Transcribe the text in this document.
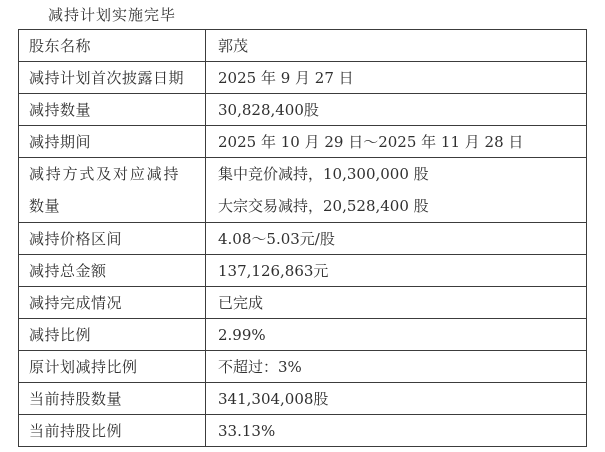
减持计划实施完毕
股东名称	郭茂
减持计划首次披露日期	2025 年 9 月 27 日
减持数量	30,828,400股
减持期间	2025 年 10 月 29 日～2025 年 11 月 28 日
减持方式及对应减持数量	集中竞价减持，10,300,000 股
大宗交易减持，20,528,400 股

减持价格区间	4.08～5.03元/股
减持总金额	137,126,863元
减持完成情况	已完成
减持比例	2.99%
原计划减持比例	不超过：3%
当前持股数量	341,304,008股
当前持股比例	33.13%
